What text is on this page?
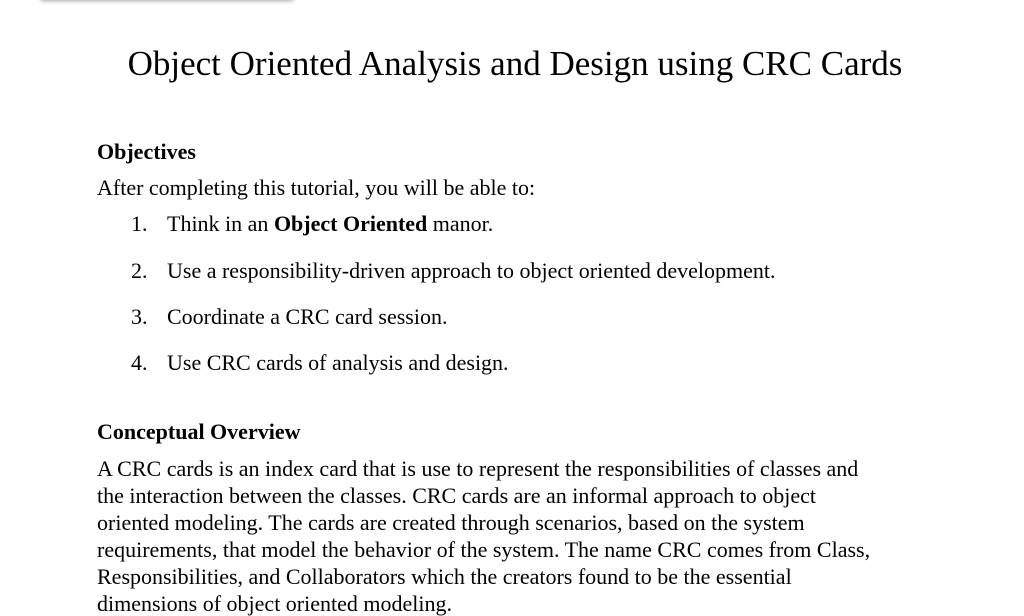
Object Oriented Analysis and Design using CRC Cards
Objectives
After completing this tutorial, you will be able to:
1. Think in an Object Oriented manor.
2. Use a responsibility-driven approach to object oriented development.
3. Coordinate a CRC card session.
4. Use CRC cards of analysis and design.
Conceptual Overview
A CRC cards is an index card that is use to represent the responsibilities of classes and
the interaction between the classes. CRC cards are an informal approach to object
oriented modeling. The cards are created through scenarios, based on the system
requirements, that model the behavior of the system. The name CRC comes from Class,
Responsibilities, and Collaborators which the creators found to be the essential
dimensions of object oriented modeling.
